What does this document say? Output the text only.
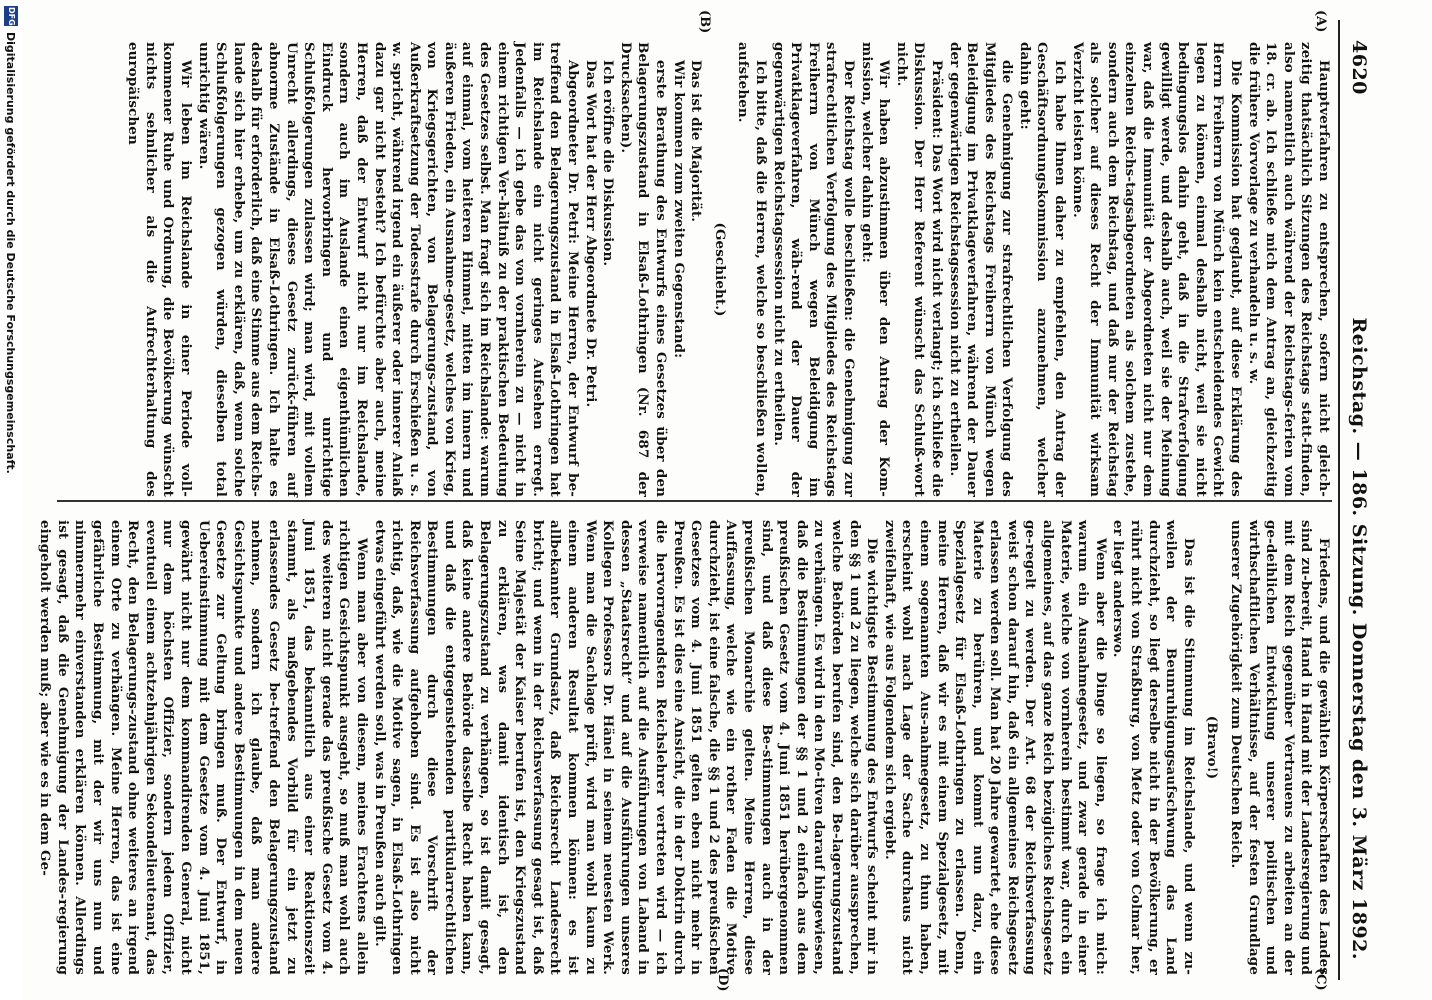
4620
Reichstag. — 186. Sitzung. Donnerstag den 3. März 1892.
(A)
(B)
(C)
(D)

Hauptverfahren zu entsprechen, sofern nicht gleich-zeitig thatsächlich Sitzungen des Reichstags statt-finden, also namentlich auch während der Reichstags-ferien vom 18. cr. ab. Ich schließe mich dem Antrag an, gleichzeitig die frühere Vorvorlage zu verhandeln u. s. w.

Die Kommission hat geglaubt, auf diese Erklärung des Herrn Freiherrn von Münch kein entscheidendes Gewicht legen zu können, einmal deshalb nicht, weil sie nicht bedingungslos dahin geht, daß in die Strafverfolgung gewilligt werde, und deshalb auch, weil sie der Meinung war, daß die Immunität der Abgeordneten nicht nur dem einzelnen Reichs-tagsabgeordneten als solchem zustehe, sondern auch dem Reichstag, und daß nur der Reichstag als solcher auf dieses Recht der Immunität wirksam Verzicht leisten könne.

Ich habe Ihnen daher zu empfehlen, den Antrag der Geschäftsordnungskommission anzunehmen, welcher dahin geht:

die Genehmigung zur strafrechtlichen Verfolgung des Mitgliedes des Reichstags Freiherrn von Münch wegen Beleidigung im Privatklageverfahren, während der Dauer der gegenwärtigen Reichstagssession nicht zu ertheilen.

Präsident: Das Wort wird nicht verlangt; ich schließe die Diskussion. Der Herr Referent wünscht das Schluß-wort nicht.

Wir haben abzustimmen über den Antrag der Kom-mission, welcher dahin geht:

Der Reichstag wolle beschließen: die Genehmigung zur strafrechtlichen Verfolgung des Mitgliedes des Reichstags Freiherrn von Münch wegen Beleidigung im Privatklageverfahren, wäh-rend der Dauer der gegenwärtigen Reichstagssession nicht zu ertheilen.

Ich bitte, daß die Herren, welche so beschließen wollen, aufstehen.

(Geschieht.)

Das ist die Majorität.

Wir kommen zum zweiten Gegenstand:

erste Berathung des Entwurfs eines Gesetzes über den Belagerungszustand in Elsaß-Lothringen (Nr. 687 der Drucksachen).

Ich eröffne die Diskussion.

Das Wort hat der Herr Abgeordnete Dr. Petri.

Abgeordneter Dr. Petri: Meine Herren, der Entwurf be-treffend den Belagerungszustand in Elsaß-Lothringen hat im Reichslande ein nicht geringes Aufsehen erregt. Jedenfalls — ich gebe das von vornherein zu — nicht in einem richtigen Ver-hältniß zu der praktischen Bedeutung des Gesetzes selbst. Man fragt sich im Reichslande: warum auf einmal, vom heiteren Himmel, mitten im innern und äußeren Frieden, ein Ausnahme-gesetz, welches von Krieg, von Kriegsgerichten, von Belagerungs-zustand, von Außerkraftsetzung der Todesstrafe durch Erschießen u. s. w. spricht, während irgend ein äußerer oder innerer Anlaß dazu gar nicht besteht? Ich befürchte aber auch, meine Herren, daß der Entwurf nicht nur im Reichslande, sondern auch im Auslande einen eigenthümlichen Eindruck hervorbringen und unrichtige Schlußfolgerungen zulassen wird; man wird, mit vollem Unrecht allerdings, dieses Gesetz zurück-führen auf abnorme Zustände in Elsaß-Lothringen. Ich halte es deshalb für erforderlich, daß eine Stimme aus dem Reichs-lande sich hier erhebe, um zu erklären, daß, wenn solche Schlußfolgerungen gezogen würden, dieselben total unrichtig wären.

Wir leben im Reichslande in einer Periode voll-kommener Ruhe und Ordnung, die Bevölkerung wünscht nichts sehnlicher als die Aufrechterhaltung des europäischen

Friedens, und die gewählten Körperschaften des Landes sind zu-bereit, Hand in Hand mit der Landesregierung und mit dem Reich gegenüber Vertrauens zu arbeiten an der ge-deihlichen Entwicklung unserer politischen und wirthschaftlichen Verhältnisse, auf der festen Grundlage unserer Zugehörigkeit zum Deutschen Reich.

(Bravo!)

Das ist die Stimmung im Reichslande, und wenn zu-weilen der Beunruhigungsaufschwung das Land durchzieht, so liegt derselbe nicht in der Bevölkerung, er rührt nicht von Straßburg, von Metz oder von Colmar her, er liegt anderswo.

Wenn aber die Dinge so liegen, so frage ich mich: warum ein Ausnahmegesetz, und zwar gerade in einer Materie, welche von vornherein bestimmt war, durch ein allgemeines, auf das ganze Reich bezügliches Reichsgesetz ge-regelt zu werden. Der Art. 68 der Reichsverfassung weist schon darauf hin, daß ein allgemeines Reichsgesetz erlassen werden soll. Man hat 20 Jahre gewartet, ehe diese Materie zu berühren, und kommt nun dazu, ein Spezialgesetz für Elsaß-Lothringen zu erlassen. Denn, meine Herren, daß wir es mit einem Spezialgesetz, mit einem sogenannten Aus-nahmegesetz, zu thun haben, erscheint wohl nach Lage der Sache durchaus nicht zweifelhaft, wie aus Folgendem sich ergiebt.

Die wichtigste Bestimmung des Entwurfs scheint mir in den §§ 1 und 2 zu liegen, welche sich darüber aussprechen, welche Behörden berufen sind, den Be-lagerungszustand zu verhängen. Es wird in den Mo-tiven darauf hingewiesen, daß die Bestimmungen der §§ 1 und 2 einfach aus dem preußischen Gesetz vom 4. Juni 1851 herübergenommen sind, und daß diese Be-stimmungen auch in der preußischen Monarchie gelten. Meine Herren, diese Auffassung, welche wie ein rother Faden die Motive durchzieht, ist eine falsche, die §§ 1 und 2 des preußischen Gesetzes vom 4. Juni 1851 gelten eben nicht mehr in Preußen. Es ist dies eine Ansicht, die in der Doktrin durch die hervorragendsten Reichslehrer vertreten wird — ich verweise namentlich auf die Ausführungen von Laband in dessen „Staatsrecht“ und auf die Ausführungen unseres Kollegen Professors Dr. Hänel in seinem neuesten Werk. Wenn man die Sachlage prüft, wird man wohl kaum zu einem anderen Resultat kommen können: es ist allbekannter Grundsatz, daß Reichsrecht Landesrecht bricht; und wenn in der Reichsverfassung gesagt ist, daß Seine Majestät der Kaiser berufen ist, den Kriegszustand zu erklären, was damit identisch ist, den Belagerungszustand zu verhängen, so ist damit gesagt, daß keine andere Behörde dasselbe Recht haben kann, und daß die entgegenstehenden partikularrechtlichen Bestimmungen durch diese Vorschrift der Reichsverfassung aufgehoben sind. Es ist also nicht richtig, daß, wie die Motive sagen, in Elsaß-Lothringen etwas eingeführt werden soll, was in Preußen auch gilt.

Wenn man aber von diesem, meines Erachtens allein richtigen Gesichtspunkt ausgeht, so muß man wohl auch des weiteren nicht gerade das preußische Gesetz vom 4. Juni 1851, das bekanntlich aus einer Reaktionszeit stammt, als maßgebendes Vorbild für ein jetzt zu erlassendes Gesetz be-treffend den Belagerungszustand nehmen, sondern ich glaube, daß man andere Gesichtspunkte und andere Bestimmungen in dem neuen Gesetze zur Geltung bringen muß. Der Entwurf, in Uebereinstimmung mit dem Gesetze vom 4. Juni 1851, gewährt nicht nur dem kommandirenden General, nicht nur dem höchsten Offizier, sondern jedem Offizier, eventuell einem achtzehnjährigen Sekondelieutenant, das Recht, den Belagerungs-zustand ohne weiteres an irgend einem Orte zu verhängen. Meine Herren, das ist eine gefährliche Bestimmung, mit der wir uns nun und nimmermehr einverstanden erklären können. Allerdings ist gesagt, daß die Genehmigung der Landes-regierung eingeholt werden muß; aber wie es in dem Ge-

DFG
Digitalisierung gefördert durch die Deutsche Forschungsgemeinschaft.
